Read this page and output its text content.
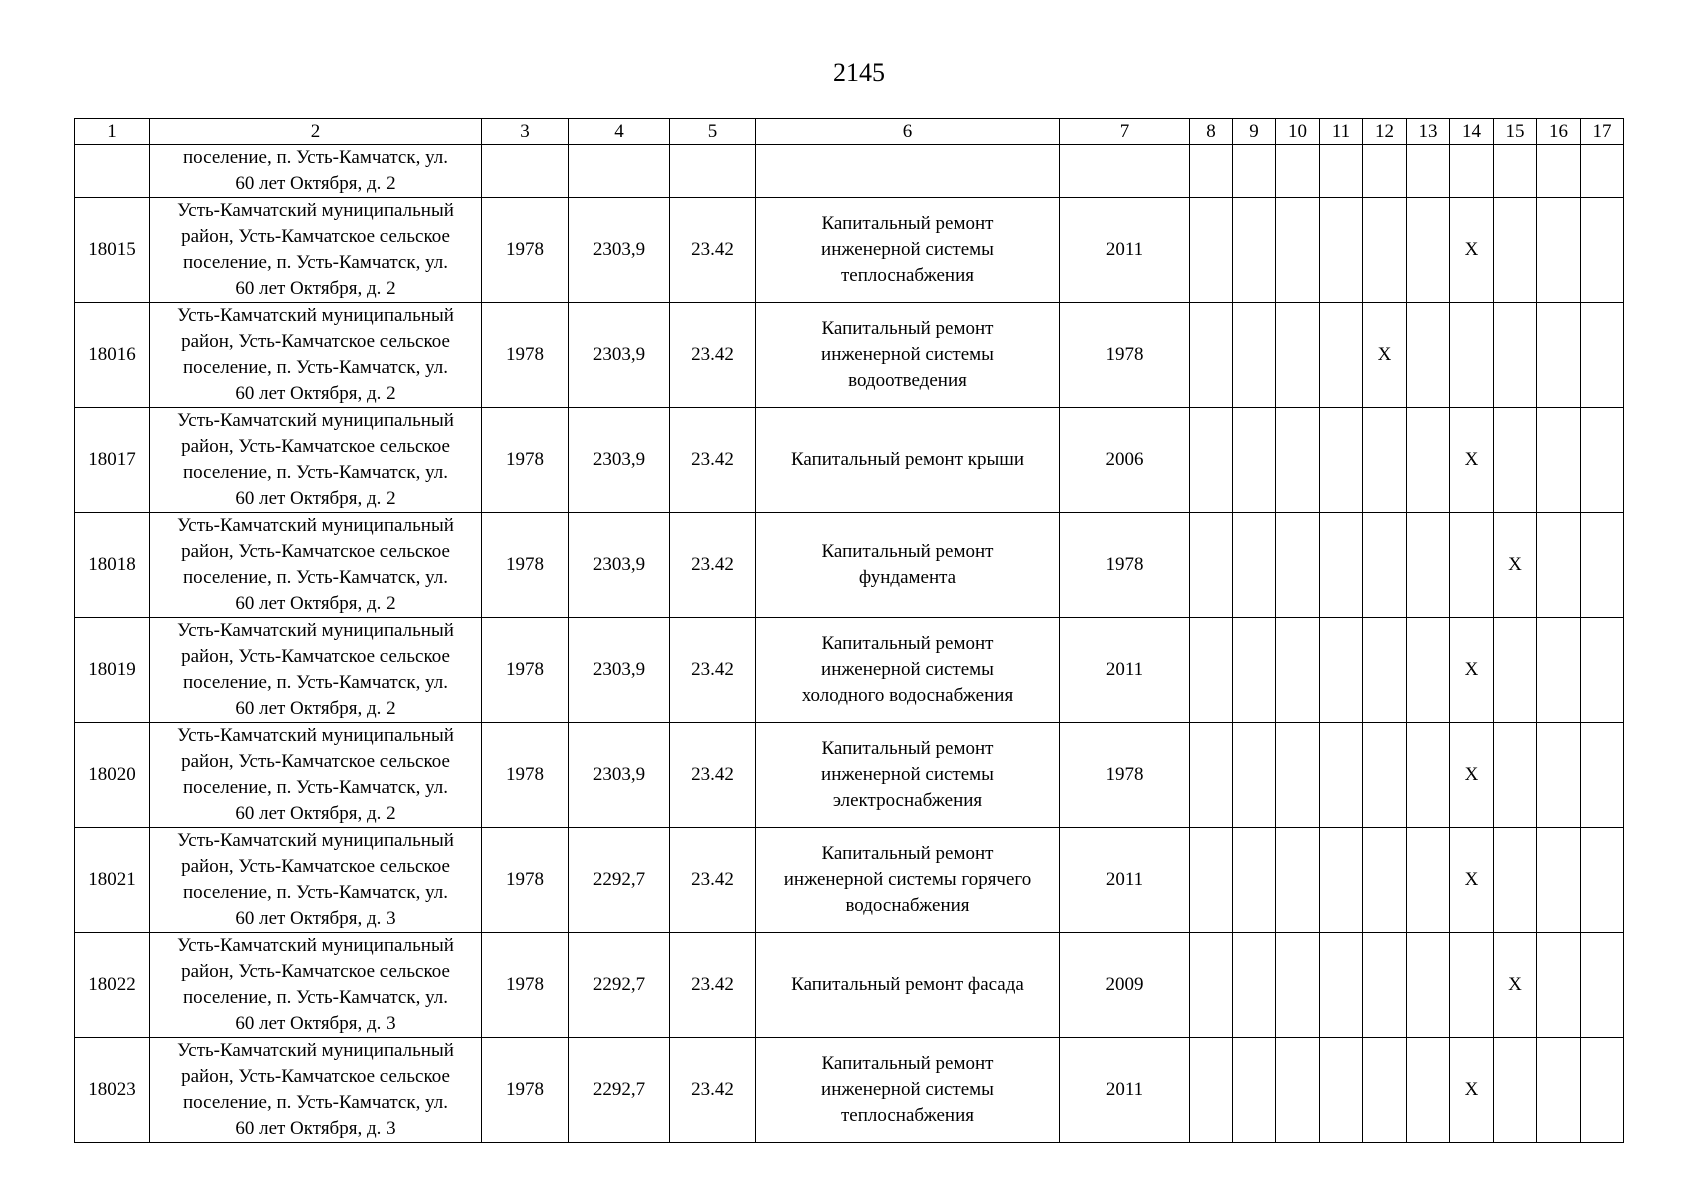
2145
1	2	3	4	5	6	7	8	9	10	11	12	13	14	15	16	17
	поселение, п. Усть-Камчатск, ул.
60 лет Октября, д. 2															
18015	Усть-Камчатский муниципальный
район, Усть-Камчатское сельское
поселение, п. Усть-Камчатск, ул.
60 лет Октября, д. 2	1978	2303,9	23.42	Капитальный ремонт
инженерной системы
теплоснабжения	2011							X			
18016	Усть-Камчатский муниципальный
район, Усть-Камчатское сельское
поселение, п. Усть-Камчатск, ул.
60 лет Октября, д. 2	1978	2303,9	23.42	Капитальный ремонт
инженерной системы
водоотведения	1978					X					
18017	Усть-Камчатский муниципальный
район, Усть-Камчатское сельское
поселение, п. Усть-Камчатск, ул.
60 лет Октября, д. 2	1978	2303,9	23.42	Капитальный ремонт крыши	2006							X			
18018	Усть-Камчатский муниципальный
район, Усть-Камчатское сельское
поселение, п. Усть-Камчатск, ул.
60 лет Октября, д. 2	1978	2303,9	23.42	Капитальный ремонт
фундамента	1978								X		
18019	Усть-Камчатский муниципальный
район, Усть-Камчатское сельское
поселение, п. Усть-Камчатск, ул.
60 лет Октября, д. 2	1978	2303,9	23.42	Капитальный ремонт
инженерной системы
холодного водоснабжения	2011							X			
18020	Усть-Камчатский муниципальный
район, Усть-Камчатское сельское
поселение, п. Усть-Камчатск, ул.
60 лет Октября, д. 2	1978	2303,9	23.42	Капитальный ремонт
инженерной системы
электроснабжения	1978							X			
18021	Усть-Камчатский муниципальный
район, Усть-Камчатское сельское
поселение, п. Усть-Камчатск, ул.
60 лет Октября, д. 3	1978	2292,7	23.42	Капитальный ремонт
инженерной системы горячего
водоснабжения	2011							X			
18022	Усть-Камчатский муниципальный
район, Усть-Камчатское сельское
поселение, п. Усть-Камчатск, ул.
60 лет Октября, д. 3	1978	2292,7	23.42	Капитальный ремонт фасада	2009								X		
18023	Усть-Камчатский муниципальный
район, Усть-Камчатское сельское
поселение, п. Усть-Камчатск, ул.
60 лет Октября, д. 3	1978	2292,7	23.42	Капитальный ремонт
инженерной системы
теплоснабжения	2011							X			
